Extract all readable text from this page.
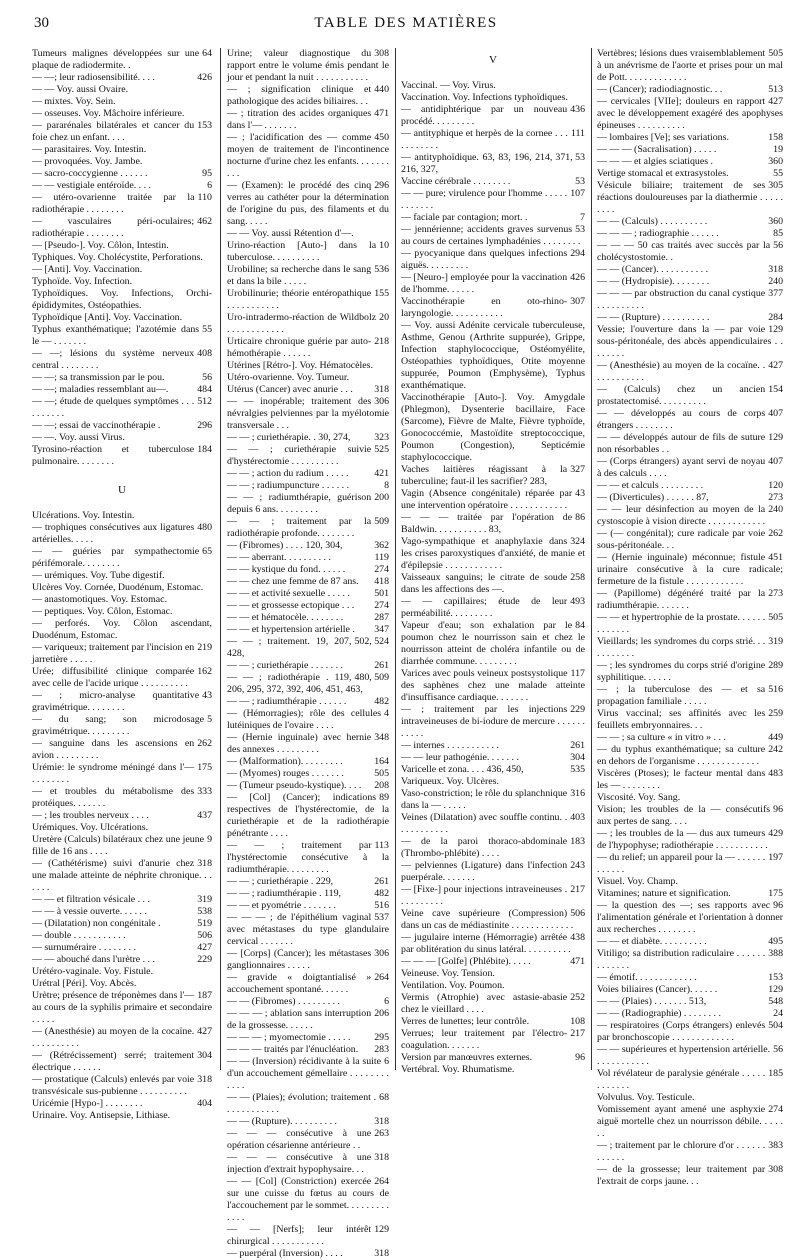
30	TABLE DES MATIÈRES

64
Tumeurs malignes développées sur une plaque de radiodermite. .

426
— —; leur radiosensibilité. . . .

— — Voy. aussi Ovaire.

— mixtes. Voy. Sein.

— osseuses. Voy. Mâchoire inférieure.

153
— pararénales bilatérales et cancer du foie chez un enfant. . . .

— parasitaires. Voy. Intestin.

— provoquées. Voy. Jambe.

95
— sacro-coccygienne . . . . . .

6
— — vestigiale entéroïde. . . .

110
— utéro-ovarienne traitée par la radiothérapie . . . . . . . .

462
— vasculaires péri-oculaires; radiothérapie . . . . . . . .

— [Pseudo-]. Voy. Côlon, Intestin.

Typhiques. Voy. Cholécystite, Perforations.

— [Anti]. Voy. Vaccination.

Typhoïde. Voy. Infection.

Typhoïdiques. Voy. Infections, Orchi-épididymites, Ostéopathies.

Typhoïdique [Anti]. Voy. Vaccination.

55
Typhus exanthématique; l'azotémie dans le — . . . . . . .

408
— —; lésions du système nerveux central . . . . . . . .

56
— —; sa transmission par le pou.

484
— —; maladies ressemblant au—.

512
— —; étude de quelques symptômes . . . . . . . . . .

296
— —; essai de vaccinothérapie .

— —. Voy. aussi Virus.

184
Tyrosino-réaction et tuberculose pulmonaire. . . . . . . .

U

Ulcérations. Voy. Intestin.

480
— trophiques consécutives aux ligatures artérielles. . . . .

65
— — guéries par sympathectomie périfémorale. . . . . . . .

— urémiques. Voy. Tube digestif.

Ulcères Voy. Cornée, Duodénum, Estomac.

— anastomotiques. Voy. Estomac.

— peptiques. Voy. Côlon, Estomac.

— perforés. Voy. Côlon ascendant, Duodénum, Estomac.

219
— variqueux; traitement par l'incision en jarretière . . . . .

162
Urée; diffusibilité clinique comparée avec celle de l'acide urique . . . . . . . . . .

43
— ; micro-analyse quantitative gravimétrique. . . . . . . .

5
— du sang; son microdosage gravimétrique. . . . . . . . .

262
— sanguine dans les ascensions en avion . . . . . . . . .

175
Urémie: le syndrome méningé dans l'— . . . . . . . .

333
— et troubles du métabolisme des protéiques. . . . . . .

437
— ; les troubles nerveux . . . .

Urémiques. Voy. Ulcérations.

9
Uretère (Calculs) bilatéraux chez une jeune fille de 16 ans . . . .

318
— (Cathétérisme) suivi d'anurie chez une malade atteinte de néphrite chronique. . . . . . .

319
— — et filtration vésicale . . .

538
— — à vessie ouverte. . . . . .

519
— (Dilatation) non congénitale .

506
— double . . . . . . . . . . .

427
— surnuméraire . . . . . . . .

229
— — abouché dans l'urètre . . .

Urétéro-vaginale. Voy. Fistule.

Urétral [Péri]. Voy. Abcès.

187
Urètre; présence de tréponèmes dans l'— au cours de la syphilis primaire et secondaire . . . . .

427
— (Anesthésie) au moyen de la cocaïne. . . . . . . . . . .

304
— (Rétrécissement) serré; traitement électrique . . . . . .

318
— prostatique (Calculs) enlevés par voie transvésicale sus-pubienne . . . . . . . . . .

404
Uricémie [Hypo-] . . . . . . . .

Urinaire. Voy. Antisepsie, Lithiase.

308
Urine; valeur diagnostique du rapport entre le volume émis pendant le jour et pendant la nuit . . . . . . . . . . .

440
— ; signification clinique et pathologique des acides biliaires. . .

471
— ; titration des acides organiques dans l'— . . . . . . .

450
— ; l'acidification des — comme moyen de traitement de l'incontinence nocturne d'urine chez les enfants. . . . . . . . . .

296
— (Examen): le procédé des cinq verres au cathéter pour la détermination de l'origine du pus, des filaments et du sang. . . . .

— — Voy. aussi Rétention d'—.

10
Urino-réaction [Auto-] dans la tuberculose. . . . . . . . . .

536
Urobiline; sa recherche dans le sang et dans la bile . . . . .

155
Urobilinurie; théorie entéropathique . . . . . . . . . . .

20
Uro-intradermo-réaction de Wildbolz . . . . . . . . . . . .

218
Urticaire chronique guérie par auto-hémothérapie . . . . . .

Utérines [Rétro-]. Voy. Hématocèles.

Utéro-ovarienne. Voy. Tumeur.

318
Utérus (Cancer) avec anurie . . .

306
— — inopérable; traitement des névralgies pelviennes par la myélotomie transversale . . .

323
— — ; curiethérapie. . 30, 274,

525
— — ; curiethérapie suivie d'hystérectomie . . . . . . . . . .

421
— — ; action du radium . . . . .

8
— — ; radiumpuncture . . . . . .

200
— — ; radiumthérapie, guérison depuis 6 ans. . . . . . . . .

509
— — ; traitement par la radiothérapie profonde. . . . . . . .

362
— (Fibromes) . . . . 120, 304,

119
— — aberrant. . . . . . . . . .

274
— — kystique du fond. . . . . .

418
— — chez une femme de 87 ans.

501
— — et activité sexuelle . . . . .

274
— — et grossesse ectopique . . .

287
— — et hématocèle. . . . . . . .

347
— — et hypertension artérielle .

502, 524
— — ; traitement. 19, 207, 428,

261
— — ; curiethérapie . . . . . . .

480, 509
— — ; radiothérapie . 119, 206, 295, 372, 392, 406, 451, 463,

482
— — ; radiumthérapie . . . . . .

4
— (Hémorragies); rôle des cellules lutéiniques de l'ovaire . . . .

348
— (Hernie inguinale) avec hernie des annexes . . . . . . . . .

164
— (Malformation). . . . . . . . .

505
— (Myomes) rouges . . . . . . .

208
— (Tumeur pseudo-kystique). . . .

89
— [Col] (Cancer); indications respectives de l'hystérectomie, de la curiethérapie et de la radiothérapie pénétrante . . . .

113
— — ; traitement par l'hystérectomie consécutive à la radiumthérapie. . . . . . . . .

261
— — ; curiethérapie . 229,

482
— — ; radiumthérapie . 119,

516
— — et pyométrie . . . . . . .

537
— — — ; de l'épithélium vaginal avec métastases du type glandulaire cervical . . . . . . .

306
— [Corps] (Cancer); les métastases ganglionnaires . . . . .

264
— gravide « doigtantialisé » accouchement spontané. . . . . .

6
— — (Fibromes) . . . . . . . . .

206
— — — ; ablation sans interruption de la grossesse. . . . . .

295
— — — ; myomectomie . . . . .

283
— — — traités par l'énucléation.

6
— — (Inversion) récidivante à la suite d'un accouchement gémellaire . . . . . . . . . . . .

68
— — (Plaies); évolution; traitement . . . . . . . . . . . .

318
— — (Rupture). . . . . . . . . .

263
— — — consécutive à une opération césarienne antérieure . .

318
— — — consécutive à une injection d'extrait hypophysaire. . .

264
— — [Col] (Constriction) exercée sur une cuisse du fœtus au cours de l'accouchement par le sommet. . . . . . . . . . . . .

129
— — [Nerfs]; leur intérêt chirurgical . . . . . . . . . . .

318
— puerpéral (Inversion) . . . .

V

Vaccinal. — Voy. Virus.

Vaccination. Voy. Infections typhoïdiques.

436
— antidiphtérique par un nouveau procédé. . . . . . . . .

111
— antityphique et herpès de la cornee . . . . . . . . . . .

371, 53
— antityphoïdique. 63, 83, 196, 214, 216, 327,

53
Vaccine cérébrale . . . . . . . .

107
— — pure; virulence pour l'homme . . . . . . . . . . . .

7
— faciale par contagion; mort. .

53
— jennérienne; accidents graves survenus au cours de certaines lymphadénies . . . . . . . .

294
— pyocyanique dans quelques infections aiguës. . . . . . . . .

426
— [Neuro-] employée pour la vaccination de l'homme. . . . . .

307
Vaccinothérapie en oto-rhino-laryngologie. . . . . . . . . . .

— Voy. aussi Adénite cervicale tuberculeuse, Asthme, Genou (Arthrite suppurée), Grippe, Infection staphylococcique, Ostéomyélite, Ostéopathies typhoïdiques, Otite moyenne suppurée, Poumon (Emphysème), Typhus exanthématique.

Vaccinothérapie [Auto-]. Voy. Amygdale (Phlegmon), Dysenterie bacillaire, Face (Sarcome), Fièvre de Malte, Fièvre typhoïde, Gonococcémie, Mastoïdite streptococcique, Poumon (Congestion), Septicémie staphylococcique.

327
Vaches laitières réagissant à la tuberculine; faut-il les sacrifier? 283,

43
Vagin (Absence congénitale) réparée par une intervention opératoire . . . . . . . . . . . .

86
— — — traitée par l'opération de Baldwin. . . . . . . . . . . 83,

324
Vago-sympathique et anaphylaxie dans les crises paroxystiques d'anxiété, de manie et d'épilepsie . . . . . . . . . . . .

258
Vaisseaux sanguins; le citrate de soude dans les affections des —.

493
— — capillaires; étude de leur perméabilité. . . . . . . . .

84
Vapeur d'eau; son exhalation par le poumon chez le nourrisson sain et chez le nourrisson atteint de choléra infantile ou de diarrhée commune. . . . . . . . .

117
Varices avec pouls veineux postsystolique des saphènes chez une malade atteinte d'insuffisance cardiaque. . . . . . .

229
— ; traitement par les injections intraveineuses de bi-iodure de mercure . . . . . . . . . . .

261
— internes . . . . . . . . . . .

304
— — leur pathogénie. . . . . . .

535
Varicelle et zona. . . . 436, 450,

Variqueux. Voy. Ulcères.

316
Vaso-constriction; le rôle du splanchnique dans la — . . . . .

403
Veines (Dilatation) avec souffle continu. . . . . . . . . . . .

183
— de la paroi thoraco-abdominale (Thrombo-phlébite) . . . .

243
— pelviennes (Ligature) dans l'infection puerpérale. . . . . . .

217
— [Fixe-] pour injections intraveineuses . . . . . . . . . .

506
Veine cave supérieure (Compression) dans un cas de médiastinite . . . . . . . . . . . . .

438
— jugulaire interne (Hémorragie) arrêtée par oblitération du sinus latéral. . . . . . . . . .

471
— — — [Golfe] (Phlébite). . . . .

Veineuse. Voy. Tension.

Ventilation. Voy. Poumon.

252
Vermis (Atrophie) avec astasie-abasie chez le vieillard . . . .

108
Verres de lunettes; leur contrôle.

217
Verrues; leur traitement par l'électro-coagulation. . . . . . .

96
Version par manœuvres externes.

Vertébral. Voy. Rhumatisme.

505
Vertèbres; lésions dues vraisemblablement à un anévrisme de l'aorte et prises pour un mal de Pott. . . . . . . . . . . . .

513
— (Cancer); radiodiagnostic. . .

427
— cervicales [VIIe]; douleurs en rapport avec le développement exagéré des apophyses épineuses . . . . . . . . . .

158
— lombaires [Ve]; ses variations.

19
— — — (Sacralisation) . . . . .

360
— — — et algies sciatiques .

55
Vertige stomacal et extrasystoles.

305
Vésicule biliaire; traitement de ses réactions douloureuses par la diathermie . . . . . . . . .

360
— — (Calculs) . . . . . . . . . .

85
— — — ; radiographie . . . . . .

56
— — — 50 cas traités avec succès par la cholécystostomie. .

318
— — (Cancer). . . . . . . . . . .

240
— — (Hydropisie). . . . . . . .

377
— — — par obstruction du canal cystique . . . . . . . . . .

284
— — (Rupture) . . . . . . . . . .

129
Vessie; l'ouverture dans la — par voie sous-péritonéale, des abcès appendiculaires . . . . . . . .

427
— (Anesthésie) au moyen de la cocaïne. . . . . . . . . . . .

154
— (Calculs) chez un ancien prostatectomisé. . . . . . . . . .

407
— — développés au cours de corps étrangers . . . . . . . .

129
— — développés autour de fils de suture non résorbables . .

407
— (Corps étrangers) ayant servi de noyau à des calculs . . . .

120
— — et calculs . . . . . . . . .

273
— (Diverticules) . . . . . . 87,

240
— — leur désinfection au moyen de la cystoscopie à vision directe . . . . . . . . . . . .

262
— (— congénital); cure radicale par voie sous-péritonéale. . .

451
— (Hernie inguinale) méconnue; fistule urinaire consécutive à la cure radicale; fermeture de la fistule . . . . . . . . . . . .

273
— (Papillome) dégénéré traité par la radiumthérapie. . . . . . .

505
— — et hypertrophie de la prostate. . . . . . . . . . . . .

319
Vieillards; les syndromes du corps strié. . . . . . . . . . .

289
— ; les syndromes du corps strié d'origine syphilitique. . . . . .

516
— ; la tuberculose des — et sa propagation familiale . . . . .

259
Virus vaccinal; ses affinités avec les feuillets embryonnaires. . .

449
— — ; sa culture « in vitro » . . .

242
— du typhus exanthématique; sa culture en dehors de l'organisme . . . . . . . . . . . . .

483
Viscères (Ptoses); le facteur mental dans les — . . . . . . . .

Viscosité. Voy. Sang.

96
Vision; les troubles de la — consécutifs aux pertes de sang. . . .

429
— ; les troubles de la — dus aux tumeurs de l'hypophyse; radiothérapie . . . . . . . . . . .

197
— du relief; un appareil pour la — . . . . . . . . . . . .

Visuel. Voy. Champ.

175
Vitamines; nature et signification.

96
— la question des —; ses rapports avec l'alimentation générale et l'orientation à donner aux recherches . . . . . . . .

495
— — et diabète. . . . . . . . . .

388
Vitiligo; sa distribution radiculaire . . . . . . . . . . . . .

153
— émotif. . . . . . . . . . . . .

129
Voies biliaires (Cancer). . . . . .

548
— — (Plaies) . . . . . . . 513,

24
— — (Radiographie) . . . . . . . .

504
— respiratoires (Corps étrangers) enlevés par bronchoscopie . . . . . . . . . . . . .

56
— — supérieures et hypertension artérielle. . . . . . . . . . . .

185
Vol révélateur de paralysie générale . . . . . . . . . . . .

Volvulus. Voy. Testicule.

274
Vomissement ayant amené une asphyxie aiguë mortelle chez un nourrisson débile. . . . . . .

383
— ; traitement par le chlorure d'or . . . . . . . . . . . .

308
— de la grossesse; leur traitement par l'extrait de corps jaune. . .
